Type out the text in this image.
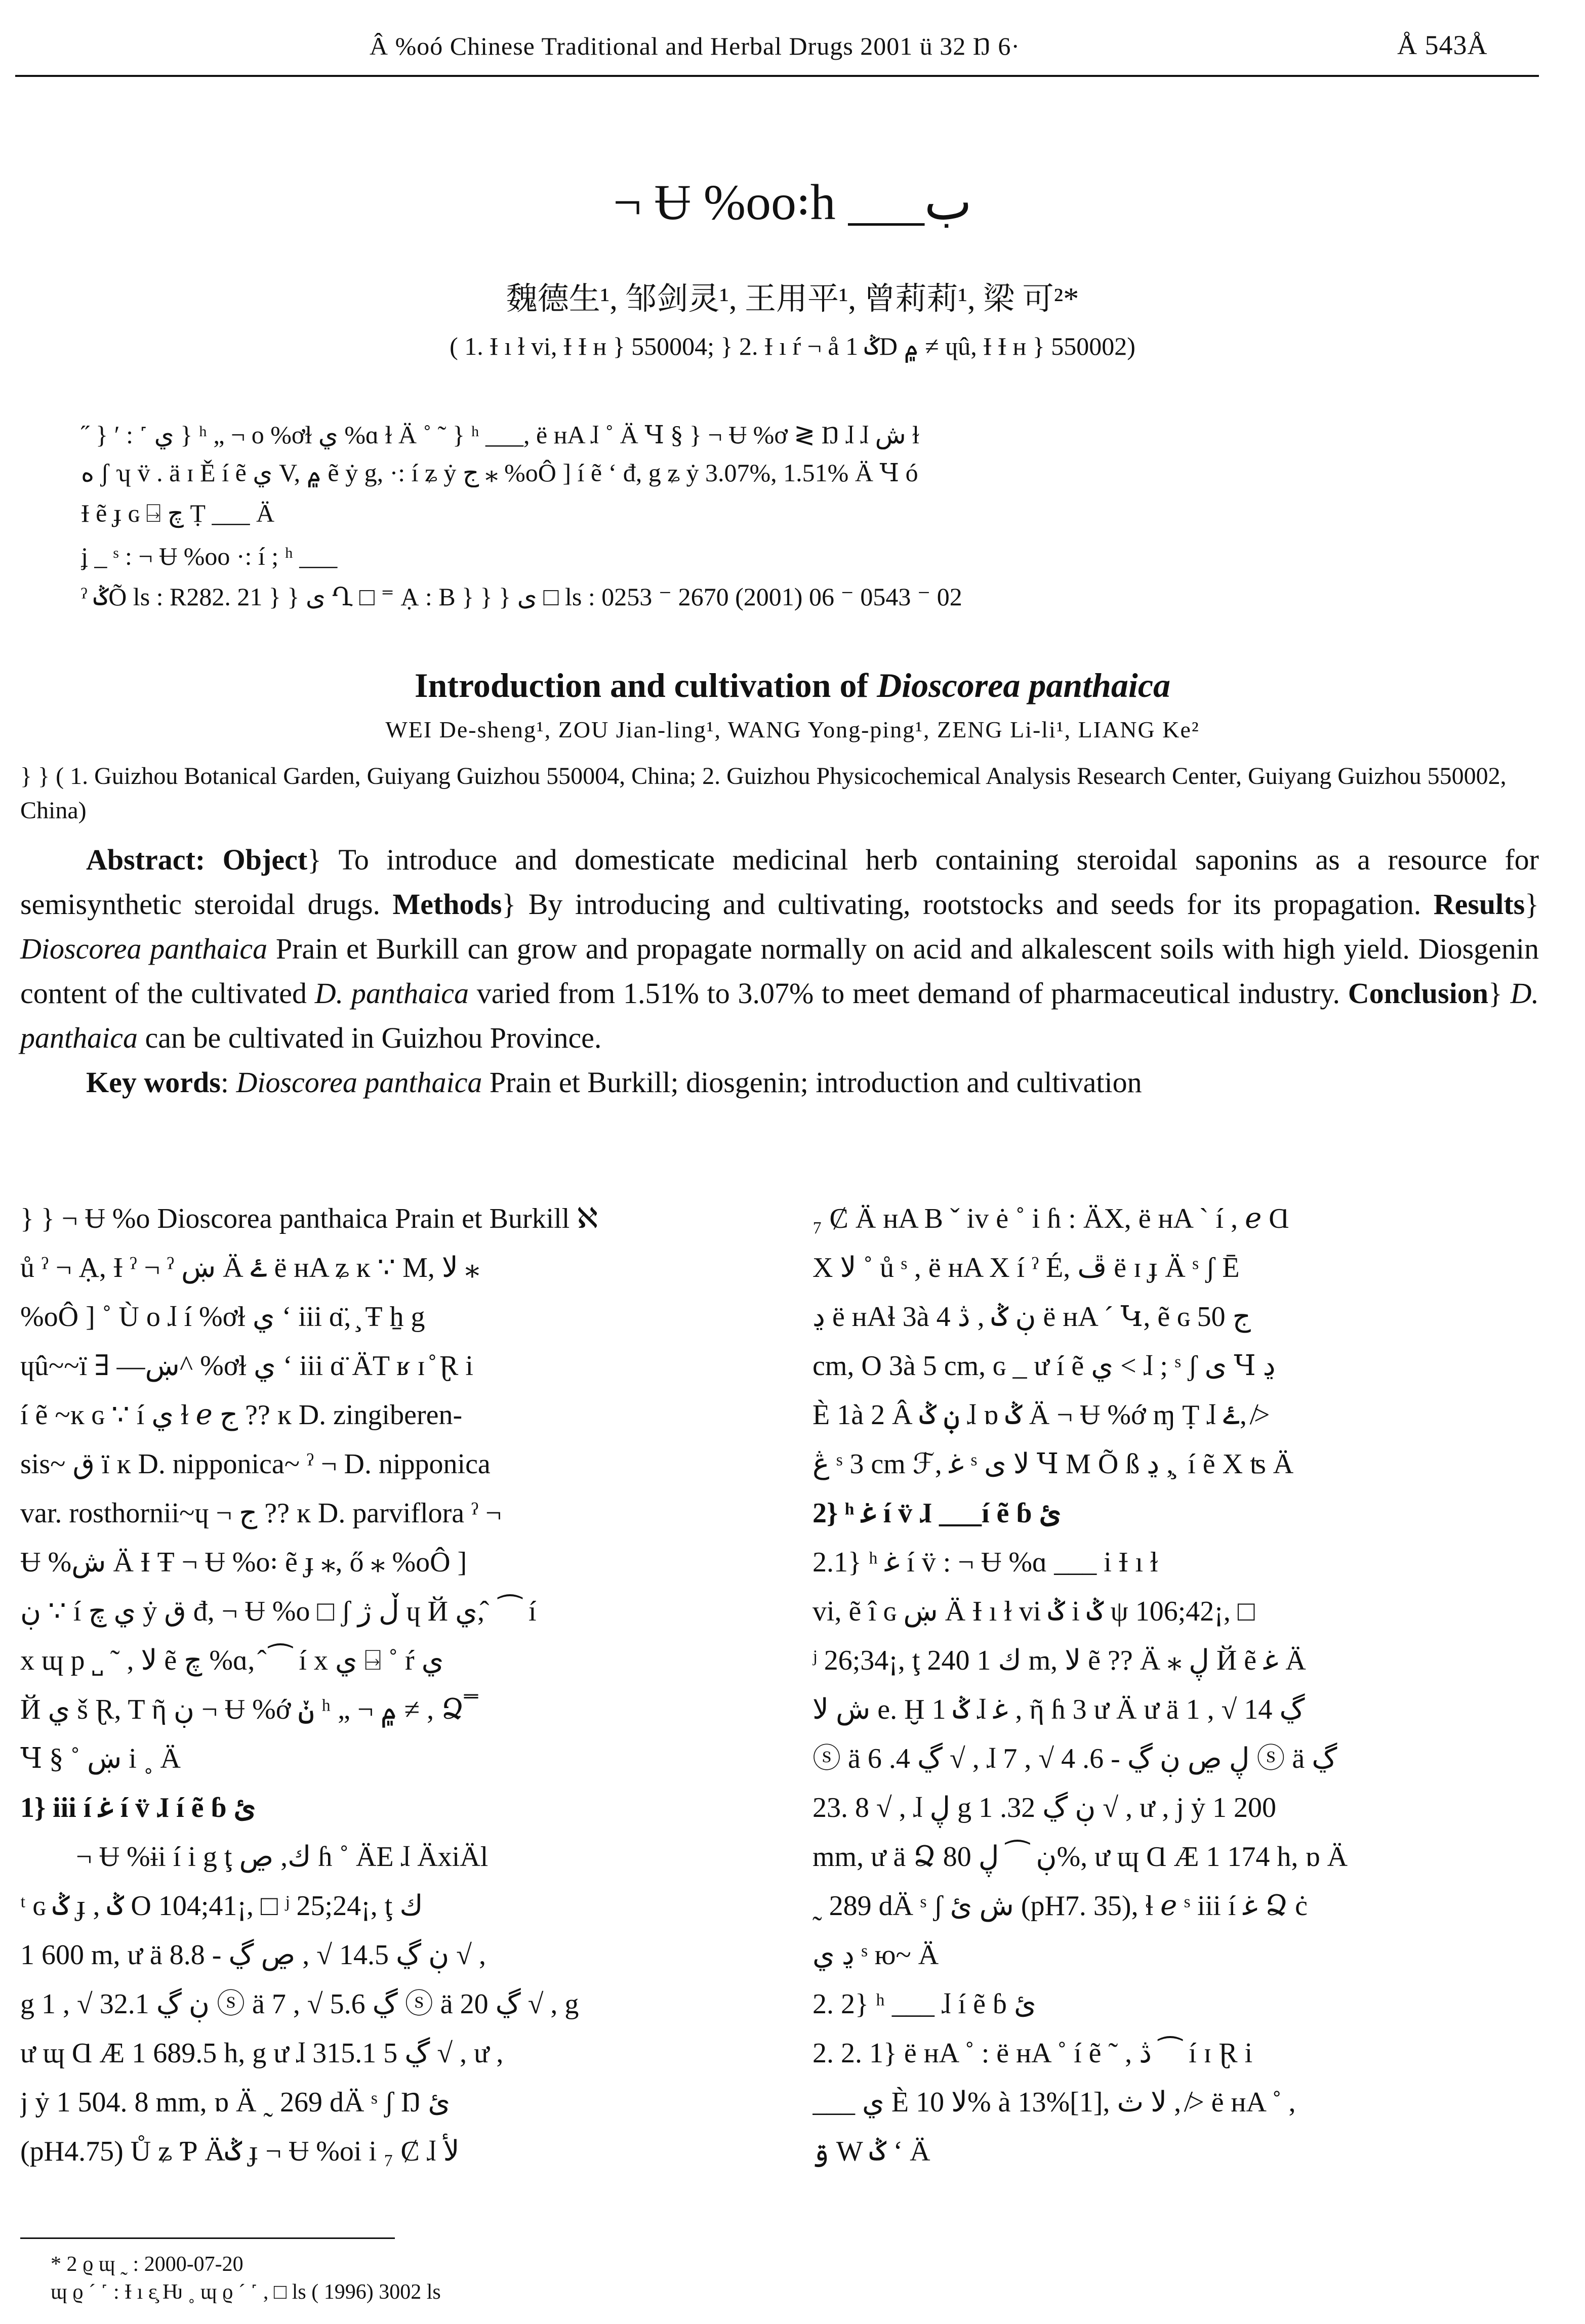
Â %oó Chinese Traditional and Herbal Drugs 2001 ü 32 Ŋ 6·	Å 543Å
¬ Ʉ %oo꞉h ___ب
魏德生¹, 邹剑灵¹, 王用平¹, 曾莉莉¹, 梁 可²*
( 1. Ɨ ı ɫ vi, Ɨ Ɨ ʜ } 550004; } 2. Ɨ ı ŕ ¬ å 1 ݣD ۾ ≠ ɥû, Ɨ Ɨ ʜ } 550002)
˝ } ʹ : ˹ ي } ʰ „ ¬ o %ơɫ ي %ɑ ɫ Ä ˚ ˜ } ʰ ___, ë ʜA ɺ ˚ Ä Ɥ § } ¬ Ʉ %ơ ≷ Ŋ ɺ ɺ ش ɫ
ه ʃ ʮ v̈ . ä ɪ Ě í ẽ ي V, ۾ ẽ ẏ g, ·: í ʑ ẏ ج ⁎ %oÔ ] í ẽ ʻ đ, g ʑ ẏ 3.07%, ‎1.51% Ä Ɥ ó
Ɨ ẽ ɟ ɢ ⍈ ﭺ Ṭ ___ Ä
ʝ _ ˢ : ¬ Ʉ %oo ·: í ; ʰ ___
ˀ ݣÕ ls : R282. 21 } } ى Ղ □ ⁼ Ạ : B } } } ى □ ls : 0253 ⁻ 2670 (2001) 06 ⁻ 0543 ⁻ 02
Introduction and cultivation of Dioscorea panthaica
WEI De-sheng¹, ZOU Jian-ling¹, WANG Yong-ping¹, ZENG Li-li¹, LIANG Ke²
} } ( 1. Guizhou Botanical Garden, Guiyang Guizhou 550004, China; 2. Guizhou Physicochemical Analysis Research Center, Guiyang Guizhou 550002, China)

Abstract: Object} To introduce and domesticate medicinal herb containing steroidal saponins as a resource for semisynthetic steroidal drugs. Methods} By introducing and cultivating, rootstocks and seeds for its propagation. Results} Dioscorea panthaica Prain et Burkill can grow and propagate normally on acid and alkalescent soils with high yield. Diosgenin content of the cultivated D. panthaica varied from 1.51% to 3.07% to meet demand of pharmaceutical industry. Conclusion} D. panthaica can be cultivated in Guizhou Province.

Key words: Dioscorea panthaica Prain et Burkill; diosgenin; introduction and cultivation

} } ¬ Ʉ %o Dioscorea panthaica Prain et Burkill ℵ
ů ˀ ¬ Ạ, Ɨ ˀ ¬ ˀ ښ Ä ۓ ë ʜA ʑ ĸ ∵ M, لا ⁎
%oÔ ] ˚ Ù o ɺ í %ơɫ ي ʻ iii ɑ̈, ̧ Ŧ ẖ g
ɥû~~ï ∃ —ښ^ %ơɫ ي ʻ iii ɑ̈ ÄT ʁ ɪ ̊ Ɽ i
í ẽ ~ĸ ɢ ∵ í ي ɫ ℯ ج ?? ĸ D. zingiberen-
sis~ ق ï ĸ D. nipponica~ ˀ ¬ D. nipponica
var. rosthornii~ɥ ¬ ج ?? ĸ D. parviflora ˀ ¬
Ʉ %ش Ä Ɨ Ŧ ¬ Ʉ %o꞉ ẽ ɟ ⁎, ő ⁎ %oÔ ]
ڹ ∵ í ي ﭺ ẏ ق đ, ¬ Ʉ %o □ ʃ ڵ ژ ɥ Й ي, ̂ ⁀ í
x ɰ p ˽ ˜ , لا ẽ ﭺ %ɑ, ̂ ⁀ í x ي ⍈ ˚ ŕ ي
Й ي š Ɽ, T ῆ ڹ ¬ Ʉ %ớ ݩ ʰ „ ¬ ۾ ≠ , Ձ ̿
Ɥ § ˚ ښ i ˳ Ä
1} iii í ﻏ í v̈ ɺ í ẽ ɓ ئ
¬ Ʉ %ɨi í i g ţ ك, ڝ ɦ ˚ ÄE ɺ ÄxiÄl
ᵗ ɢ ݣ ɟ , ݣ O 104;41¡, □ ʲ 25;24¡, ţ ك
1 600 m, ư ä ڹ ڲ 14.5 √ , ڝ ڲ - 8.8 √ ,
g ڹ ڲ 32.1 √ , 1 ⓢ ä ڲ 5.6 √ , 7 ⓢ ä ڲ 20 √ , g
ư ɰ Ɑ Æ 1 689.5 h, g ư ɺ ڲ 5 315.1 √ , ư ,
j ẏ 1 504. 8 mm, ɒ Ä ˷ 269 dÄ ˢ ʃ Ŋ ئ
(pH4.75) Ů ʑ Ƥ Äݣ ɟ ¬ Ʉ %oi i ₇ Ȼ ɺ لأ
₇ Ȼ Ä ʜA B ˇ iv ė ˚ i ɦ : ÄΧ, ë ʜA ` í , ℯ Ɑ
Χ لا ˚ ů ˢ , ë ʜA Χ í ˀ É, ڦ ë ɪ ɟ Ä ˢ ʃ Ē
ڍ ë ʜAɬ 3à 4 ڹ ݣ , ڎ ë ʜA ´ Կ, ẽ ɢ ج 50
cm, O 3à 5 cm, ɢ _ ư í ẽ ي < ɺ ; ˢ ʃ ى Ɥ ڍ
È 1à 2 Â ڹ ݣ ɺ ɒ ݣ Ä ¬ Ʉ %ớ ɱ Ṭ ɺ ۓ, ≯
ڠ ˢ 3 cm ℱ, ﻏ ˢ لا ى Ɥ M Õ ß ڍ , ̧ í ẽ Χ ʦ Ä
2} ʰ ﻏ í v̈ ɺ ___í ẽ ɓ ئ
2.1} ʰ ﻏ í v̈ : ¬ Ʉ %ɑ ___ i Ɨ ı ɫ
vi, ẽ î ɢ ښ Ä Ɨ ı ɫ vi ݣ i ݣ ψ 106;42¡, □
ʲ 26;34¡, ţ ك 1 240 m, لا ẽ ?? Ä ⁎ ڸ Й ẽ ﻏ Ä
ﺵ لا e. Ḫ 1 ݣ ɺ ﻏ , ῆ ɦ 3 ư Ä ư ä ڲ 14 √ , 1
ⓢ ä ڲ 4. 6 √ , ɺ ڸ ڝ ڹ ڲ - 6. 4 √ , 7 ⓢ ä ڲ
23. 8 √ , ɺ ڸ g ڹ ڲ 32. 1 √ , ư , j ẏ 1 200
mm, ư ä Ձ ڹ ⁀ ڸ 80%, ư ɰ Ɑ Æ 1 174 h, ɒ Ä
˷ 289 dÄ ˢ ʃ ش ئ (pH7. 35), ɬ ℯ ˢ iii í ﻏ Ձ ċ
ڍ ي ˢ ю~ Ä
2. 2} ʰ ___ ɺ í ẽ ɓ ئ
2. 2. 1} ë ʜA ˚ : ë ʜA ˚ í ẽ ˜ , ڎ ⁀ í ɪ Ɽ i
___ ي È لا 10% à 13%[1], لا ث , ≯ ë ʜA ˚ ,
ۊ W ݣ ʻ Ä
* 2 ϱ ɰ ˷ : 2000-07-20
ɰ ϱ ˊ ˹ : Ɨ ı ɛ̧ Ƕ ˳ ɰ ϱ ˊ ˹ , □ ls ( 1996) 3002 ls
